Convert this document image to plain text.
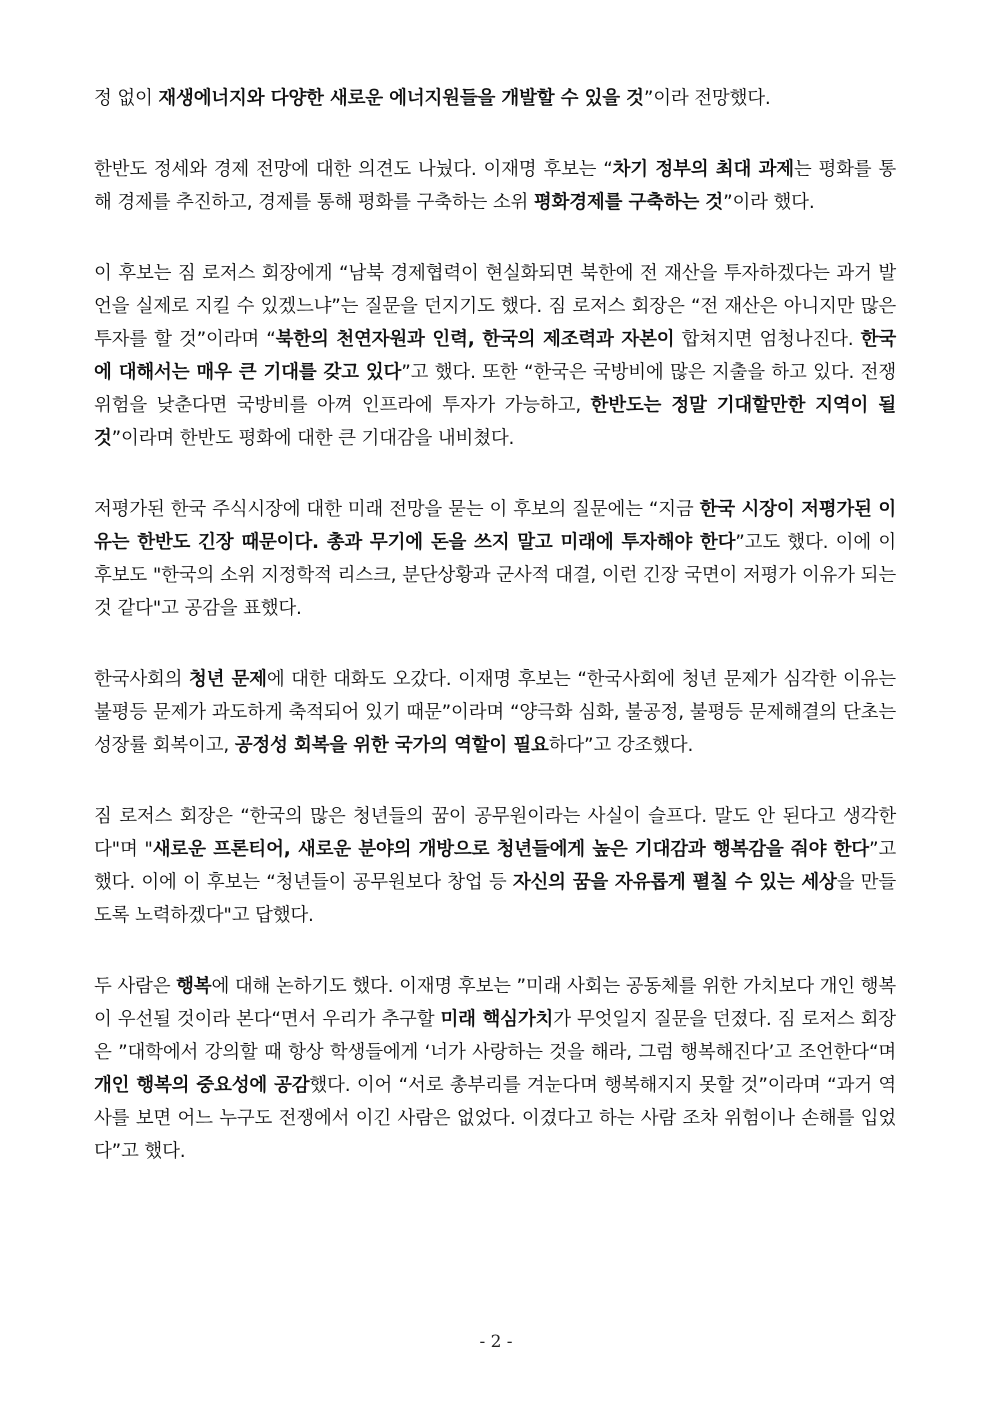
정 없이 재생에너지와 다양한 새로운 에너지원들을 개발할 수 있을 것”이라 전망했다.

한반도 정세와 경제 전망에 대한 의견도 나눴다. 이재명 후보는 “차기 정부의 최대 과제는 평화를 통해 경제를 추진하고, 경제를 통해 평화를 구축하는 소위 평화경제를 구축하는 것”이라 했다.

이 후보는 짐 로저스 회장에게 “남북 경제협력이 현실화되면 북한에 전 재산을 투자하겠다는 과거 발언을 실제로 지킬 수 있겠느냐”는 질문을 던지기도 했다. 짐 로저스 회장은 “전 재산은 아니지만 많은 투자를 할 것”이라며 “북한의 천연자원과 인력, 한국의 제조력과 자본이 합쳐지면 엄청나진다. 한국에 대해서는 매우 큰 기대를 갖고 있다”고 했다. 또한 “한국은 국방비에 많은 지출을 하고 있다. 전쟁 위험을 낮춘다면 국방비를 아껴 인프라에 투자가 가능하고, 한반도는 정말 기대할만한 지역이 될 것”이라며 한반도 평화에 대한 큰 기대감을 내비쳤다.

저평가된 한국 주식시장에 대한 미래 전망을 묻는 이 후보의 질문에는 “지금 한국 시장이 저평가된 이유는 한반도 긴장 때문이다. 총과 무기에 돈을 쓰지 말고 미래에 투자해야 한다”고도 했다. 이에 이 후보도 "한국의 소위 지정학적 리스크, 분단상황과 군사적 대결, 이런 긴장 국면이 저평가 이유가 되는 것 같다"고 공감을 표했다.

한국사회의 청년 문제에 대한 대화도 오갔다. 이재명 후보는 “한국사회에 청년 문제가 심각한 이유는 불평등 문제가 과도하게 축적되어 있기 때문”이라며 “양극화 심화, 불공정, 불평등 문제해결의 단초는 성장률 회복이고, 공정성 회복을 위한 국가의 역할이 필요하다”고 강조했다.

짐 로저스 회장은 “한국의 많은 청년들의 꿈이 공무원이라는 사실이 슬프다. 말도 안 된다고 생각한다"며 "새로운 프론티어, 새로운 분야의 개방으로 청년들에게 높은 기대감과 행복감을 줘야 한다”고 했다. 이에 이 후보는 “청년들이 공무원보다 창업 등 자신의 꿈을 자유롭게 펼칠 수 있는 세상을 만들도록 노력하겠다"고 답했다.

두 사람은 행복에 대해 논하기도 했다. 이재명 후보는 ”미래 사회는 공동체를 위한 가치보다 개인 행복이 우선될 것이라 본다“면서 우리가 추구할 미래 핵심가치가 무엇일지 질문을 던졌다. 짐 로저스 회장은 ”대학에서 강의할 때 항상 학생들에게 ‘너가 사랑하는 것을 해라, 그럼 행복해진다’고 조언한다“며 개인 행복의 중요성에 공감했다. 이어 “서로 총부리를 겨눈다며 행복해지지 못할 것”이라며 “과거 역사를 보면 어느 누구도 전쟁에서 이긴 사람은 없었다. 이겼다고 하는 사람 조차 위험이나 손해를 입었다”고 했다.

- 2 -
